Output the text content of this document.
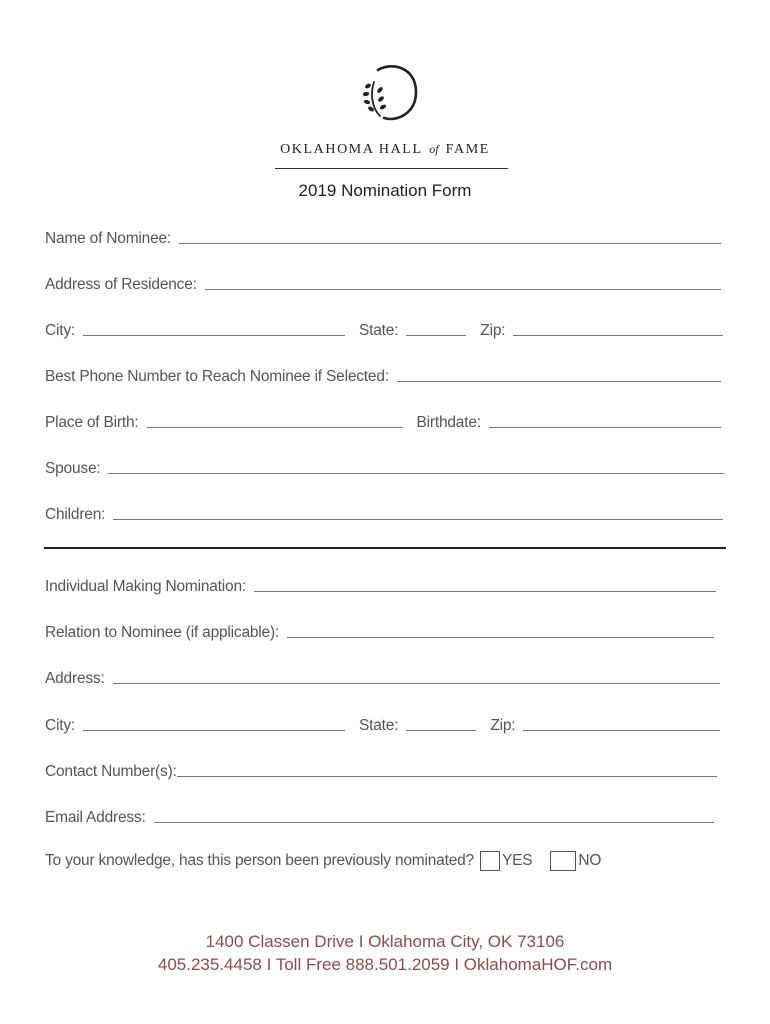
OKLAHOMA HALL of FAME
2019 Nomination Form
Name of Nominee:
Address of Residence:
City:	State:	Zip:
Best Phone Number to Reach Nominee if Selected:
Place of Birth:	Birthdate:
Spouse:
Children:
Individual Making Nomination:
Relation to Nominee (if applicable):
Address:
City:	State:	Zip:
Contact Number(s):
Email Address:
To your knowledge, has this person been previously nominated? YES	NO
1400 Classen Drive I Oklahoma City, OK 73106
405.235.4458 I Toll Free 888.501.2059 I OklahomaHOF.com
